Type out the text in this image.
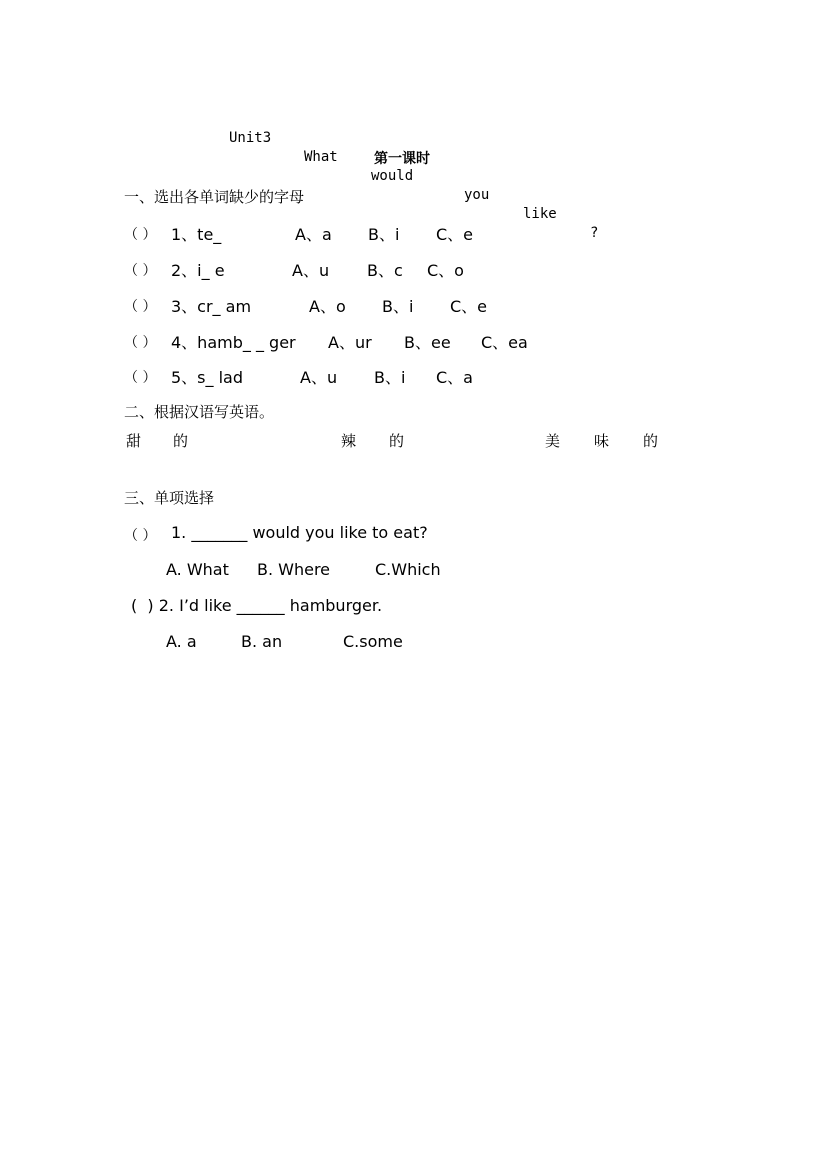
Unit3

What

would

you

like

?

第一课时
一、选出各单词缺少的字母
（ ） 1、te_	A、a B、i C、e
（ ） 2、i_ e	A、u B、c C、o
（ ） 3、cr_ am	A、o B、i C、e
（ ） 4、hamb_ _ ger A、ur B、ee C、ea
（ ） 5、s_ lad	A、u B、i C、a
二、根据汉语写英语。
甜 的	辣 的	美 味 的
三、单项选择
（ ） 1. _______ would you like to eat?
A. What B. Where	C.Which
(  ) 2. I’d like ______ hamburger.
A. a	B. an	C.some
